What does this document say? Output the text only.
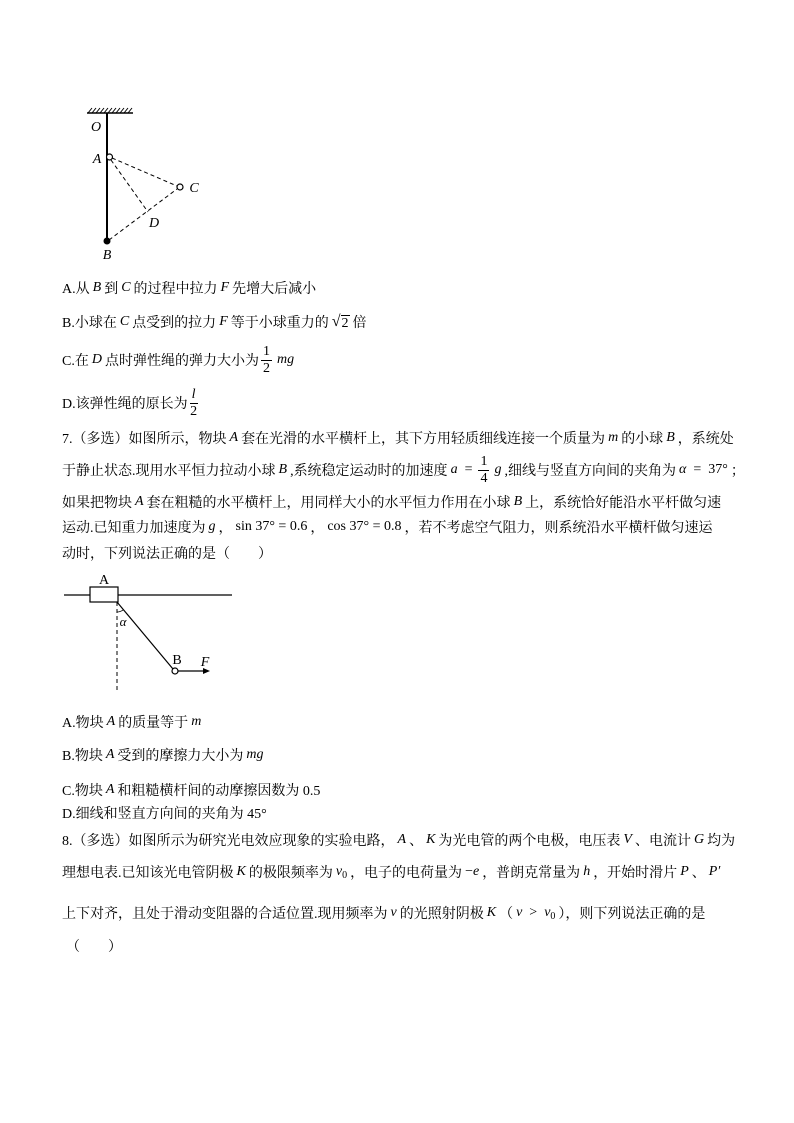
O
A
C
D
B
A.从 B 到 C 的过程中拉力 F 先增大后减小
B.小球在 C 点受到的拉力 F 等于小球重力的 √ 2 倍
C.在 D 点时弹性绳的弹力大小为 $\frac{1}{2}$ mg
D.该弹性绳的原长为 $\frac{l}{2}$
7.（多选）如图所示，物块 A 套在光滑的水平横杆上，其下方用轻质细线连接一个质量为 m 的小球 B ，系统处
于静止状态.现用水平恒力拉动小球 B ,系统稳定运动时的加速度 $a = \frac{1}{4}$ g ,细线与竖直方向间的夹角为 α = 37° ；
如果把物块 A 套在粗糙的水平横杆上，用同样大小的水平恒力作用在小球 B 上，系统恰好能沿水平杆做匀速
运动.已知重力加速度为 g ， sin 37° = 0.6 ， cos 37° = 0.8 ，若不考虑空气阻力，则系统沿水平横杆做匀速运
动时，下列说法正确的是（　　）
A
α
B F
A.物块 A 的质量等于 m
B.物块 A 受到的摩擦力大小为 mg
C.物块 A 和粗糙横杆间的动摩擦因数为 0.5
D.细线和竖直方向间的夹角为 45°
8.（多选）如图所示为研究光电效应现象的实验电路， A 、 K 为光电管的两个电极，电压表 V 、电流计 G 均为
理想电表.已知该光电管阴极 K 的极限频率为 ν 0 ，电子的电荷量为 − e ，普朗克常量为 h ，开始时滑片 P 、 P′
上下对齐，且处于滑动变阻器的合适位置.现用频率为 ν 的光照射阴极 K （ ν > ν 0 ），则下列说法正确的是
（　　）
